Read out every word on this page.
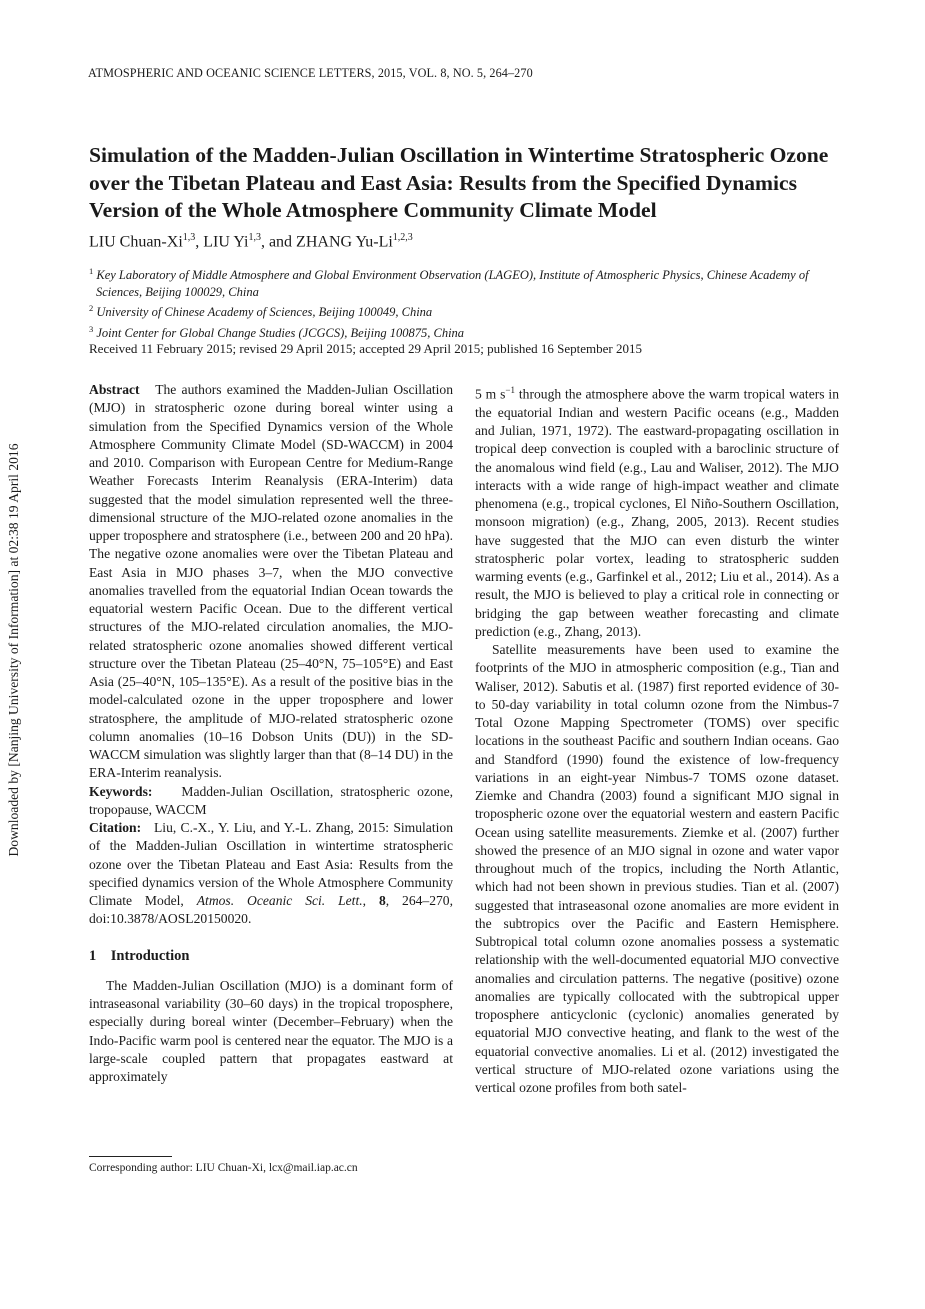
ATMOSPHERIC AND OCEANIC SCIENCE LETTERS, 2015, VOL. 8, NO. 5, 264–270
Downloaded by [Nanjing University of Information] at 02:38 19 April 2016
Simulation of the Madden-Julian Oscillation in Wintertime Stratospheric Ozone over the Tibetan Plateau and East Asia: Results from the Specified Dynamics Version of the Whole Atmosphere Community Climate Model
LIU Chuan-Xi$^{1,3}$, LIU Yi$^{1,3}$, and ZHANG Yu-Li$^{1,2,3}$
$^1$ Key Laboratory of Middle Atmosphere and Global Environment Observation (LAGEO), Institute of Atmospheric Physics, Chinese Academy of Sciences, Beijing 100029, China
$^2$ University of Chinese Academy of Sciences, Beijing 100049, China
$^3$ Joint Center for Global Change Studies (JCGCS), Beijing 100875, China
Received 11 February 2015; revised 29 April 2015; accepted 29 April 2015; published 16 September 2015

Abstract The authors examined the Madden-Julian Oscillation (MJO) in stratospheric ozone during boreal winter using a simulation from the Specified Dynamics version of the Whole Atmosphere Community Climate Model (SD-WACCM) in 2004 and 2010. Comparison with European Centre for Medium-Range Weather Forecasts Interim Reanalysis (ERA-Interim) data suggested that the model simulation represented well the three-dimensional structure of the MJO-related ozone anomalies in the upper troposphere and stratosphere (i.e., between 200 and 20 hPa). The negative ozone anomalies were over the Tibetan Plateau and East Asia in MJO phases 3–7, when the MJO convective anomalies travelled from the equatorial Indian Ocean towards the equatorial western Pacific Ocean. Due to the different vertical structures of the MJO-related circulation anomalies, the MJO-related stratospheric ozone anomalies showed different vertical structure over the Tibetan Plateau (25–40°N, 75–105°E) and East Asia (25–40°N, 105–135°E). As a result of the positive bias in the model-calculated ozone in the upper troposphere and lower stratosphere, the amplitude of MJO-related stratospheric ozone column anomalies (10–16 Dobson Units (DU)) in the SD-WACCM simulation was slightly larger than that (8–14 DU) in the ERA-Interim reanalysis.

Keywords: Madden-Julian Oscillation, stratospheric ozone, tropopause, WACCM

Citation: Liu, C.-X., Y. Liu, and Y.-L. Zhang, 2015: Simulation of the Madden-Julian Oscillation in wintertime stratospheric ozone over the Tibetan Plateau and East Asia: Results from the specified dynamics version of the Whole Atmosphere Community Climate Model, Atmos. Oceanic Sci. Lett., 8, 264–270, doi:10.3878/AOSL20150020.

1 Introduction

The Madden-Julian Oscillation (MJO) is a dominant form of intraseasonal variability (30–60 days) in the tropical troposphere, especially during boreal winter (December–February) when the Indo-Pacific warm pool is centered near the equator. The MJO is a large-scale coupled pattern that propagates eastward at approximately

Corresponding author: LIU Chuan-Xi, lcx@mail.iap.ac.cn

5 m $s^{-1}$ through the atmosphere above the warm tropical waters in the equatorial Indian and western Pacific oceans (e.g., Madden and Julian, 1971, 1972). The eastward-propagating oscillation in tropical deep convection is coupled with a baroclinic structure of the anomalous wind field (e.g., Lau and Waliser, 2012). The MJO interacts with a wide range of high-impact weather and climate phenomena (e.g., tropical cyclones, El Niño-Southern Oscillation, monsoon migration) (e.g., Zhang, 2005, 2013). Recent studies have suggested that the MJO can even disturb the winter stratospheric polar vortex, leading to stratospheric sudden warming events (e.g., Garfinkel et al., 2012; Liu et al., 2014). As a result, the MJO is believed to play a critical role in connecting or bridging the gap between weather forecasting and climate prediction (e.g., Zhang, 2013).

Satellite measurements have been used to examine the footprints of the MJO in atmospheric composition (e.g., Tian and Waliser, 2012). Sabutis et al. (1987) first reported evidence of 30- to 50-day variability in total column ozone from the Nimbus-7 Total Ozone Mapping Spectrometer (TOMS) over specific locations in the southeast Pacific and southern Indian oceans. Gao and Standford (1990) found the existence of low-frequency variations in an eight-year Nimbus-7 TOMS ozone dataset. Ziemke and Chandra (2003) found a significant MJO signal in tropospheric ozone over the equatorial western and eastern Pacific Ocean using satellite measurements. Ziemke et al. (2007) further showed the presence of an MJO signal in ozone and water vapor throughout much of the tropics, including the North Atlantic, which had not been shown in previous studies. Tian et al. (2007) suggested that intraseasonal ozone anomalies are more evident in the subtropics over the Pacific and Eastern Hemisphere. Subtropical total column ozone anomalies possess a systematic relationship with the well-documented equatorial MJO convective anomalies and circulation patterns. The negative (positive) ozone anomalies are typically collocated with the subtropical upper troposphere anticyclonic (cyclonic) anomalies generated by equatorial MJO convective heating, and flank to the west of the equatorial convective anomalies. Li et al. (2012) investigated the vertical structure of MJO-related ozone variations using the vertical ozone profiles from both satel-
